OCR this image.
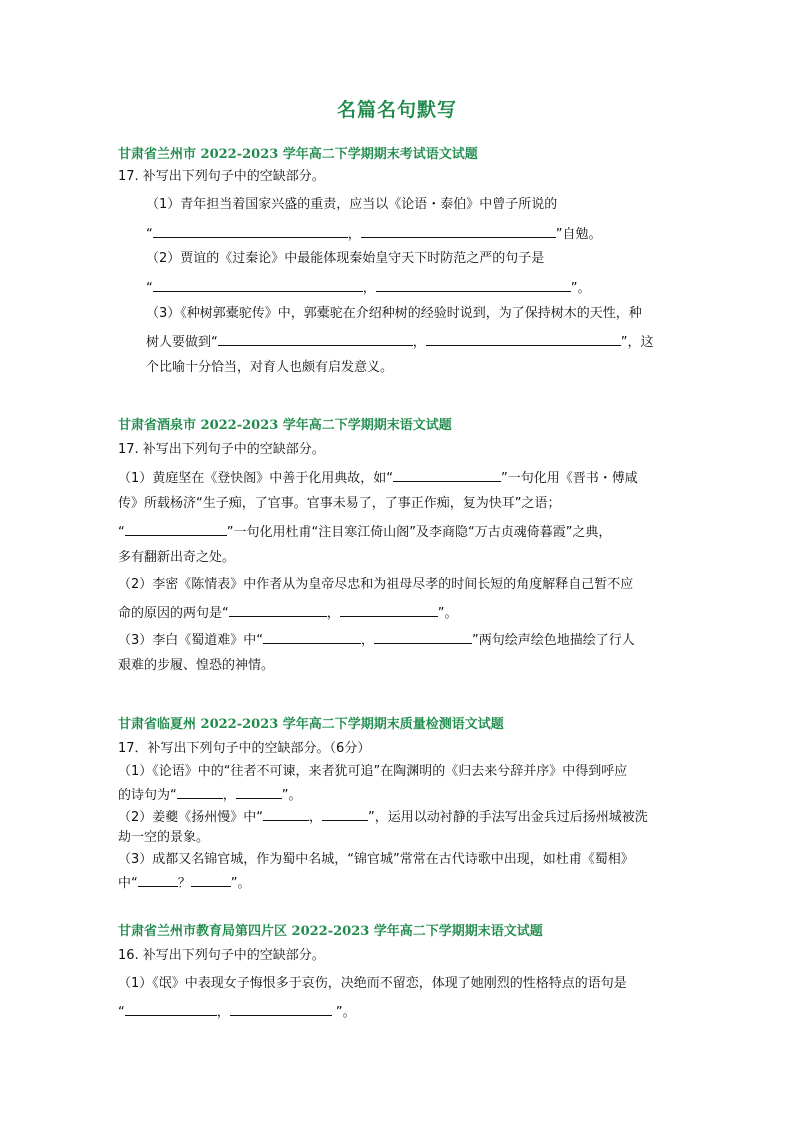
名篇名句默写
甘肃省兰州市 2022-2023 学年高二下学期期末考试语文试题
17. 补写出下列句子中的空缺部分。
（1）青年担当着国家兴盛的重责，应当以《论语・泰伯》中曾子所说的
“	，	”自勉。
（2）贾谊的《过秦论》中最能体现秦始皇守天下时防范之严的句子是
“	，	”。
（3）《种树郭橐驼传》中，郭橐驼在介绍种树的经验时说到，为了保持树木的天性，种
树人要做到“	，	”，这
个比喻十分恰当，对育人也颇有启发意义。
甘肃省酒泉市 2022-2023 学年高二下学期期末语文试题
17. 补写出下列句子中的空缺部分。
（1）黄庭坚在《登快阁》中善于化用典故，如“	”一句化用《晋书・傅咸
传》所载杨济“生子痴，了官事。官事未易了，了事正作痴，复为快耳”之语；
“	”一句化用杜甫“注目寒江倚山阁”及李商隐“万古贞魂倚暮霞”之典，
多有翻新出奇之处。
（2）李密《陈情表》中作者从为皇帝尽忠和为祖母尽孝的时间长短的角度解释自己暂不应
命的原因的两句是“	，	”。
（3）李白《蜀道难》中“	，	”两句绘声绘色地描绘了行人
艰难的步履、惶恐的神情。
甘肃省临夏州 2022-2023 学年高二下学期期末质量检测语文试题
17．补写出下列句子中的空缺部分。（6分）
（1）《论语》中的“往者不可谏，来者犹可追”在陶渊明的《归去来兮辞并序》中得到呼应
的诗句为“	，	”。
（2）姜夔《扬州慢》中“	，	”，运用以动衬静的手法写出金兵过后扬州城被洗
劫一空的景象。
（3）成都又名锦官城，作为蜀中名城，“锦官城”常常在古代诗歌中出现，如杜甫《蜀相》
中“	？	”。
甘肃省兰州市教育局第四片区 2022-2023 学年高二下学期期末语文试题
16. 补写出下列句子中的空缺部分。
（1）《氓》中表现女子悔恨多于哀伤，决绝而不留恋，体现了她刚烈的性格特点的语句是
“	，	”。
